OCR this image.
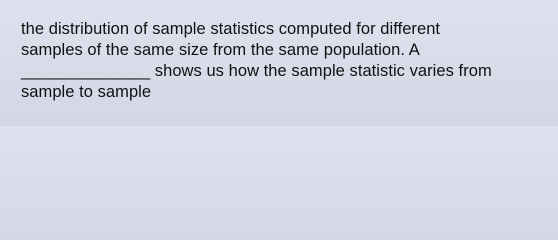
the distribution of sample statistics computed for different
samples of the same size from the same population. A
______________ shows us how the sample statistic varies from
sample to sample
